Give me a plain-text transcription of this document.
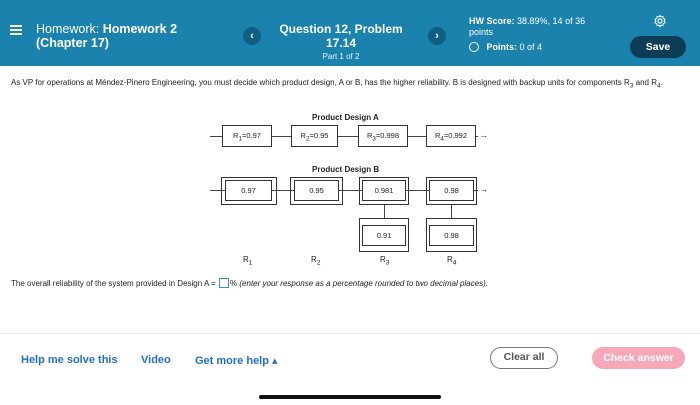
Homework: Homework 2
(Chapter 17)	‹	Question 12, Problem 17.14
Part 1 of 2
›
HW Score: 38.89%, 14 of 36
points
Points: 0 of 4	Save
As VP for operations at Méndez-Pinero Engineering, you must decide which product design, A or B, has the higher reliability. B is designed with backup units for components $R_3$ and $R_4$.
Product Design A
$R_1=0.97$	$R_2=0.95$	$R_3=0.998$	$R_4=0.992$	→
Product Design B
0.97	0.95	0.981	0.98	→
0.91	0.98
$R_1$	$R_2$	$R_3$	$R_4$
The overall reliability of the system provided in Design A = % (enter your response as a percentage rounded to two decimal places).
Help me solve this Video Get more help ▴	Clear all	Check answer
